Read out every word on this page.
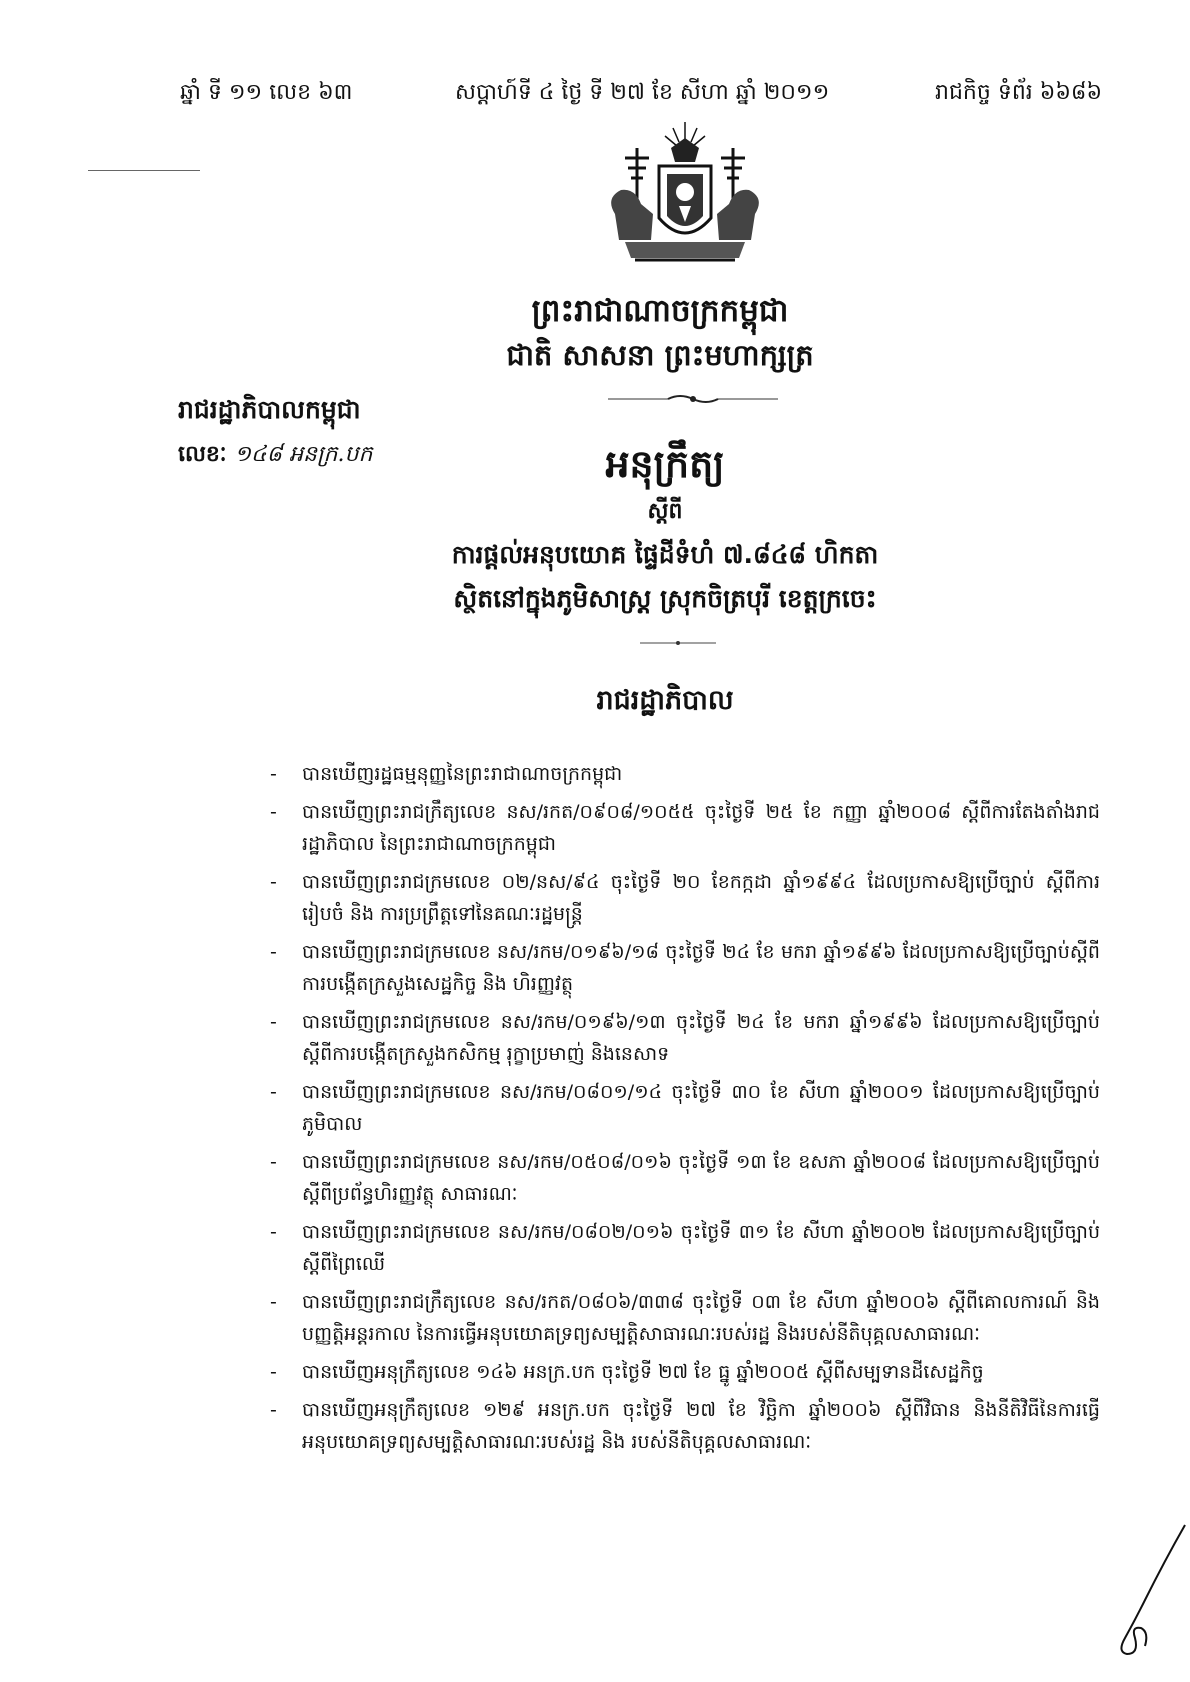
ឆ្នាំ ទី ១១ លេខ ៦៣	សប្តាហ៍ទី ៤ ថ្ងៃ ទី ២៧ ខែ សីហា ឆ្នាំ ២០១១	រាជកិច្ច ទំព័រ ៦៦៨៦
ព្រះរាជាណាចក្រកម្ពុជា
ជាតិ សាសនា ព្រះមហាក្សត្រ
រាជរដ្ឋាភិបាលកម្ពុជា
លេខៈ ១៤៨ អនក្រ.បក	អនុក្រឹត្យ
ស្តីពី
ការផ្ដល់អនុបយោគ ផ្ទៃដីទំហំ ៧.៨៤៨ ហិកតា
ស្ថិតនៅក្នុងភូមិសាស្ត្រ ស្រុកចិត្របុរី ខេត្តក្រចេះ
រាជរដ្ឋាភិបាល
- បានឃើញរដ្ឋធម្មនុញ្ញនៃព្រះរាជាណាចក្រកម្ពុជា
- បានឃើញព្រះរាជក្រឹត្យលេខ នស/រកត/០៩០៨/១០៥៥ ចុះថ្ងៃទី ២៥ ខែ កញ្ញា ឆ្នាំ២០០៨ ស្តីពីការតែងតាំងរាជរដ្ឋាភិបាល នៃព្រះរាជាណាចក្រកម្ពុជា
- បានឃើញព្រះរាជក្រមលេខ ០២/នស/៩៤ ចុះថ្ងៃទី ២០ ខែកក្កដា ឆ្នាំ១៩៩៤ ដែលប្រកាសឱ្យប្រើច្បាប់ ស្តីពីការរៀបចំ និង ការប្រព្រឹត្តទៅនៃគណៈរដ្ឋមន្ត្រី
- បានឃើញព្រះរាជក្រមលេខ នស/រកម/០១៩៦/១៨ ចុះថ្ងៃទី ២៤ ខែ មករា ឆ្នាំ១៩៩៦ ដែលប្រកាសឱ្យប្រើច្បាប់ស្តីពីការបង្កើតក្រសួងសេដ្ឋកិច្ច និង ហិរញ្ញវត្ថុ
- បានឃើញព្រះរាជក្រមលេខ នស/រកម/០១៩៦/១៣ ចុះថ្ងៃទី ២៤ ខែ មករា ឆ្នាំ១៩៩៦ ដែលប្រកាសឱ្យប្រើច្បាប់ស្តីពីការបង្កើតក្រសួងកសិកម្ម រុក្ខាប្រមាញ់ និងនេសាទ
- បានឃើញព្រះរាជក្រមលេខ នស/រកម/០៨០១/១៤ ចុះថ្ងៃទី ៣០ ខែ សីហា ឆ្នាំ២០០១ ដែលប្រកាសឱ្យប្រើច្បាប់ភូមិបាល
- បានឃើញព្រះរាជក្រមលេខ នស/រកម/០៥០៨/០១៦ ចុះថ្ងៃទី ១៣ ខែ ឧសភា ឆ្នាំ២០០៨ ដែលប្រកាសឱ្យប្រើច្បាប់ស្តីពីប្រព័ន្ធហិរញ្ញវត្ថុ សាធារណៈ
- បានឃើញព្រះរាជក្រមលេខ នស/រកម/០៨០២/០១៦ ចុះថ្ងៃទី ៣១ ខែ សីហា ឆ្នាំ២០០២ ដែលប្រកាសឱ្យប្រើច្បាប់ស្តីពីព្រៃឈើ
- បានឃើញព្រះរាជក្រឹត្យលេខ នស/រកត/០៨០៦/៣៣៨ ចុះថ្ងៃទី ០៣ ខែ សីហា ឆ្នាំ២០០៦ ស្តីពីគោលការណ៍ និងបញ្ញត្តិអន្តរកាល នៃការធ្វើអនុបយោគទ្រព្យសម្បត្តិសាធារណៈរបស់រដ្ឋ និងរបស់នីតិបុគ្គលសាធារណៈ
- បានឃើញអនុក្រឹត្យលេខ ១៤៦ អនក្រ.បក ចុះថ្ងៃទី ២៧ ខែ ធ្នូ ឆ្នាំ២០០៥ ស្តីពីសម្បទានដីសេដ្ឋកិច្ច
- បានឃើញអនុក្រឹត្យលេខ ១២៩ អនក្រ.បក ចុះថ្ងៃទី ២៧ ខែ វិច្ឆិកា ឆ្នាំ២០០៦ ស្តីពីវិធាន និងនីតិវិធីនៃការធ្វើអនុបយោគទ្រព្យសម្បត្តិសាធារណៈរបស់រដ្ឋ និង របស់នីតិបុគ្គលសាធារណៈ
